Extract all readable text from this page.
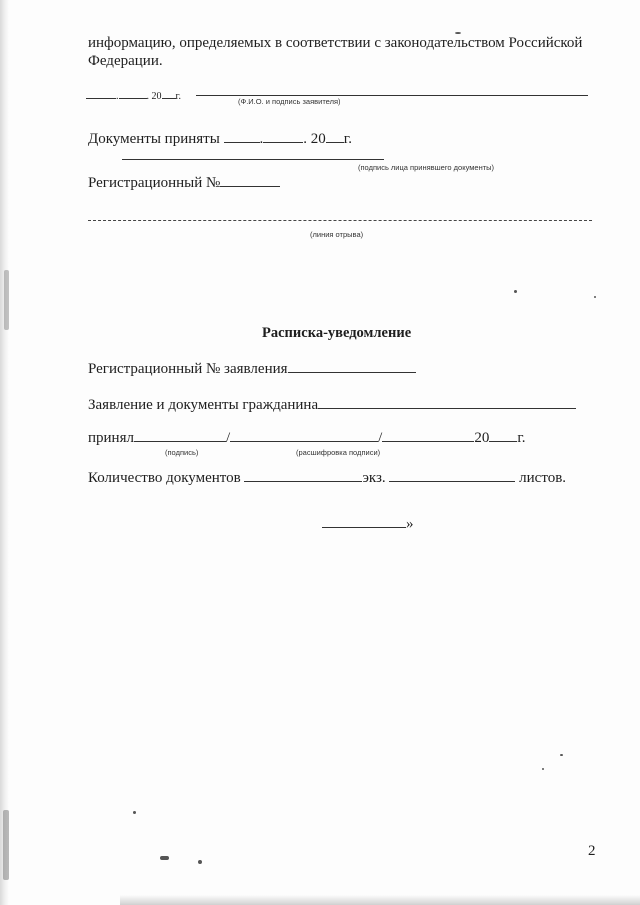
информацию, определяемых в соответствии с законодательством Российской
Федерации.
.	. 20 г.	(Ф.И.О. и подпись заявителя)
Документы приняты	.	. 20 г.
(подпись лица принявшего документы)
Регистрационный №
(линия отрыва)
Расписка-уведомление
Регистрационный № заявления
Заявление и документы гражданина
принял	/	/	20 г.
(подпись)	(расшифровка подписи)
Количество документов	экз.	листов.
»
2
